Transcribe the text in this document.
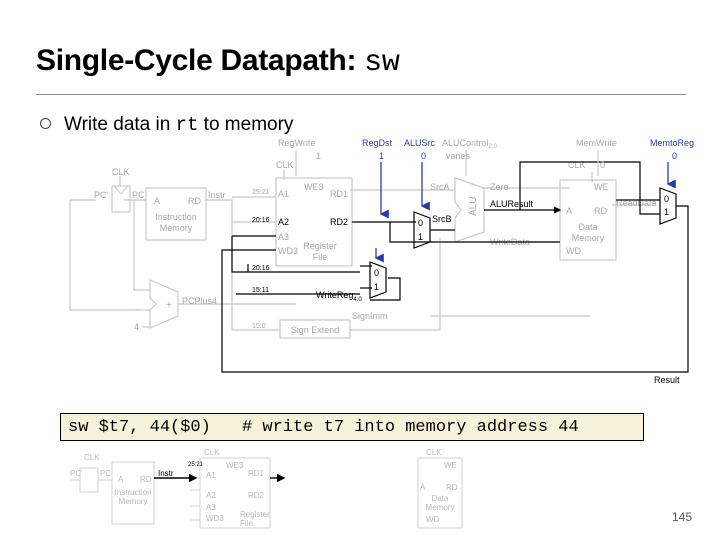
Single-Cycle Datapath: sw
Write data in rt to memory
CLK
PC'	PC
A	RD
Instr
Instruction
Memory
+ PCPlus4
4
CLK
WE3
A1	RD1
A2	RD2
A3
WD3 Register
File
Sign Extend
SignImm
15:0
CLK
WE
A RD
Data
Memory
WD
ReadData
ALU
SrcA	Zero
WriteData
0
1
0
1
WriteReg$_{4:0}$
20:16
15:11
25:21
20:16	0
1
SrcB
ALUResult
Result
RegWrite
1
RegDst
1
ALUSrc
0
ALUControl$_{2:0}$
varies
MemWrite
0
MemtoReg
0
CLK
PC' PC
A RD
Instruction
Memory
Instr
25:21
CLK
WE3
A1	RD1
A2	RD2
A3
WD3 Register
File
CLK
WE
A	RD
Data
Memory
WD
sw $t7, 44($0) # write t7 into memory address 44
145
